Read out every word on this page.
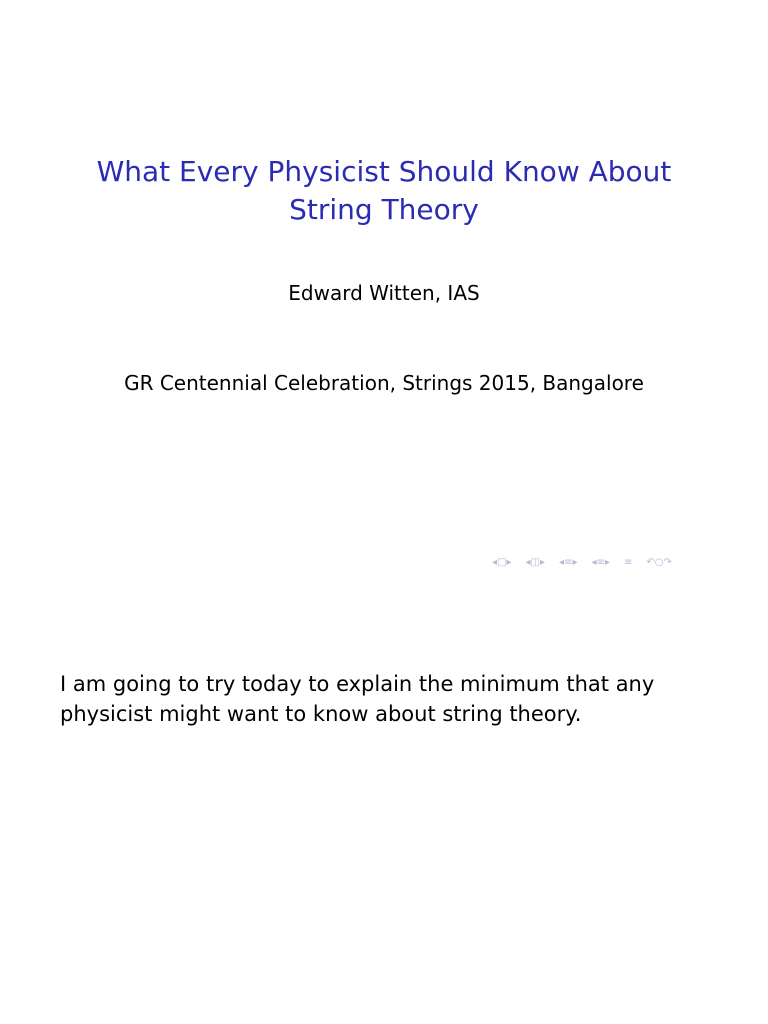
What Every Physicist Should Know About String Theory
Edward Witten, IAS
GR Centennial Celebration, Strings 2015, Bangalore
◂ □ ▸ ◂ ◫ ▸ ◂ ≡ ▸ ◂ ≡ ▸ ≡ ↶ ○ ↷

I am going to try today to explain the minimum that any physicist might want to know about string theory.
